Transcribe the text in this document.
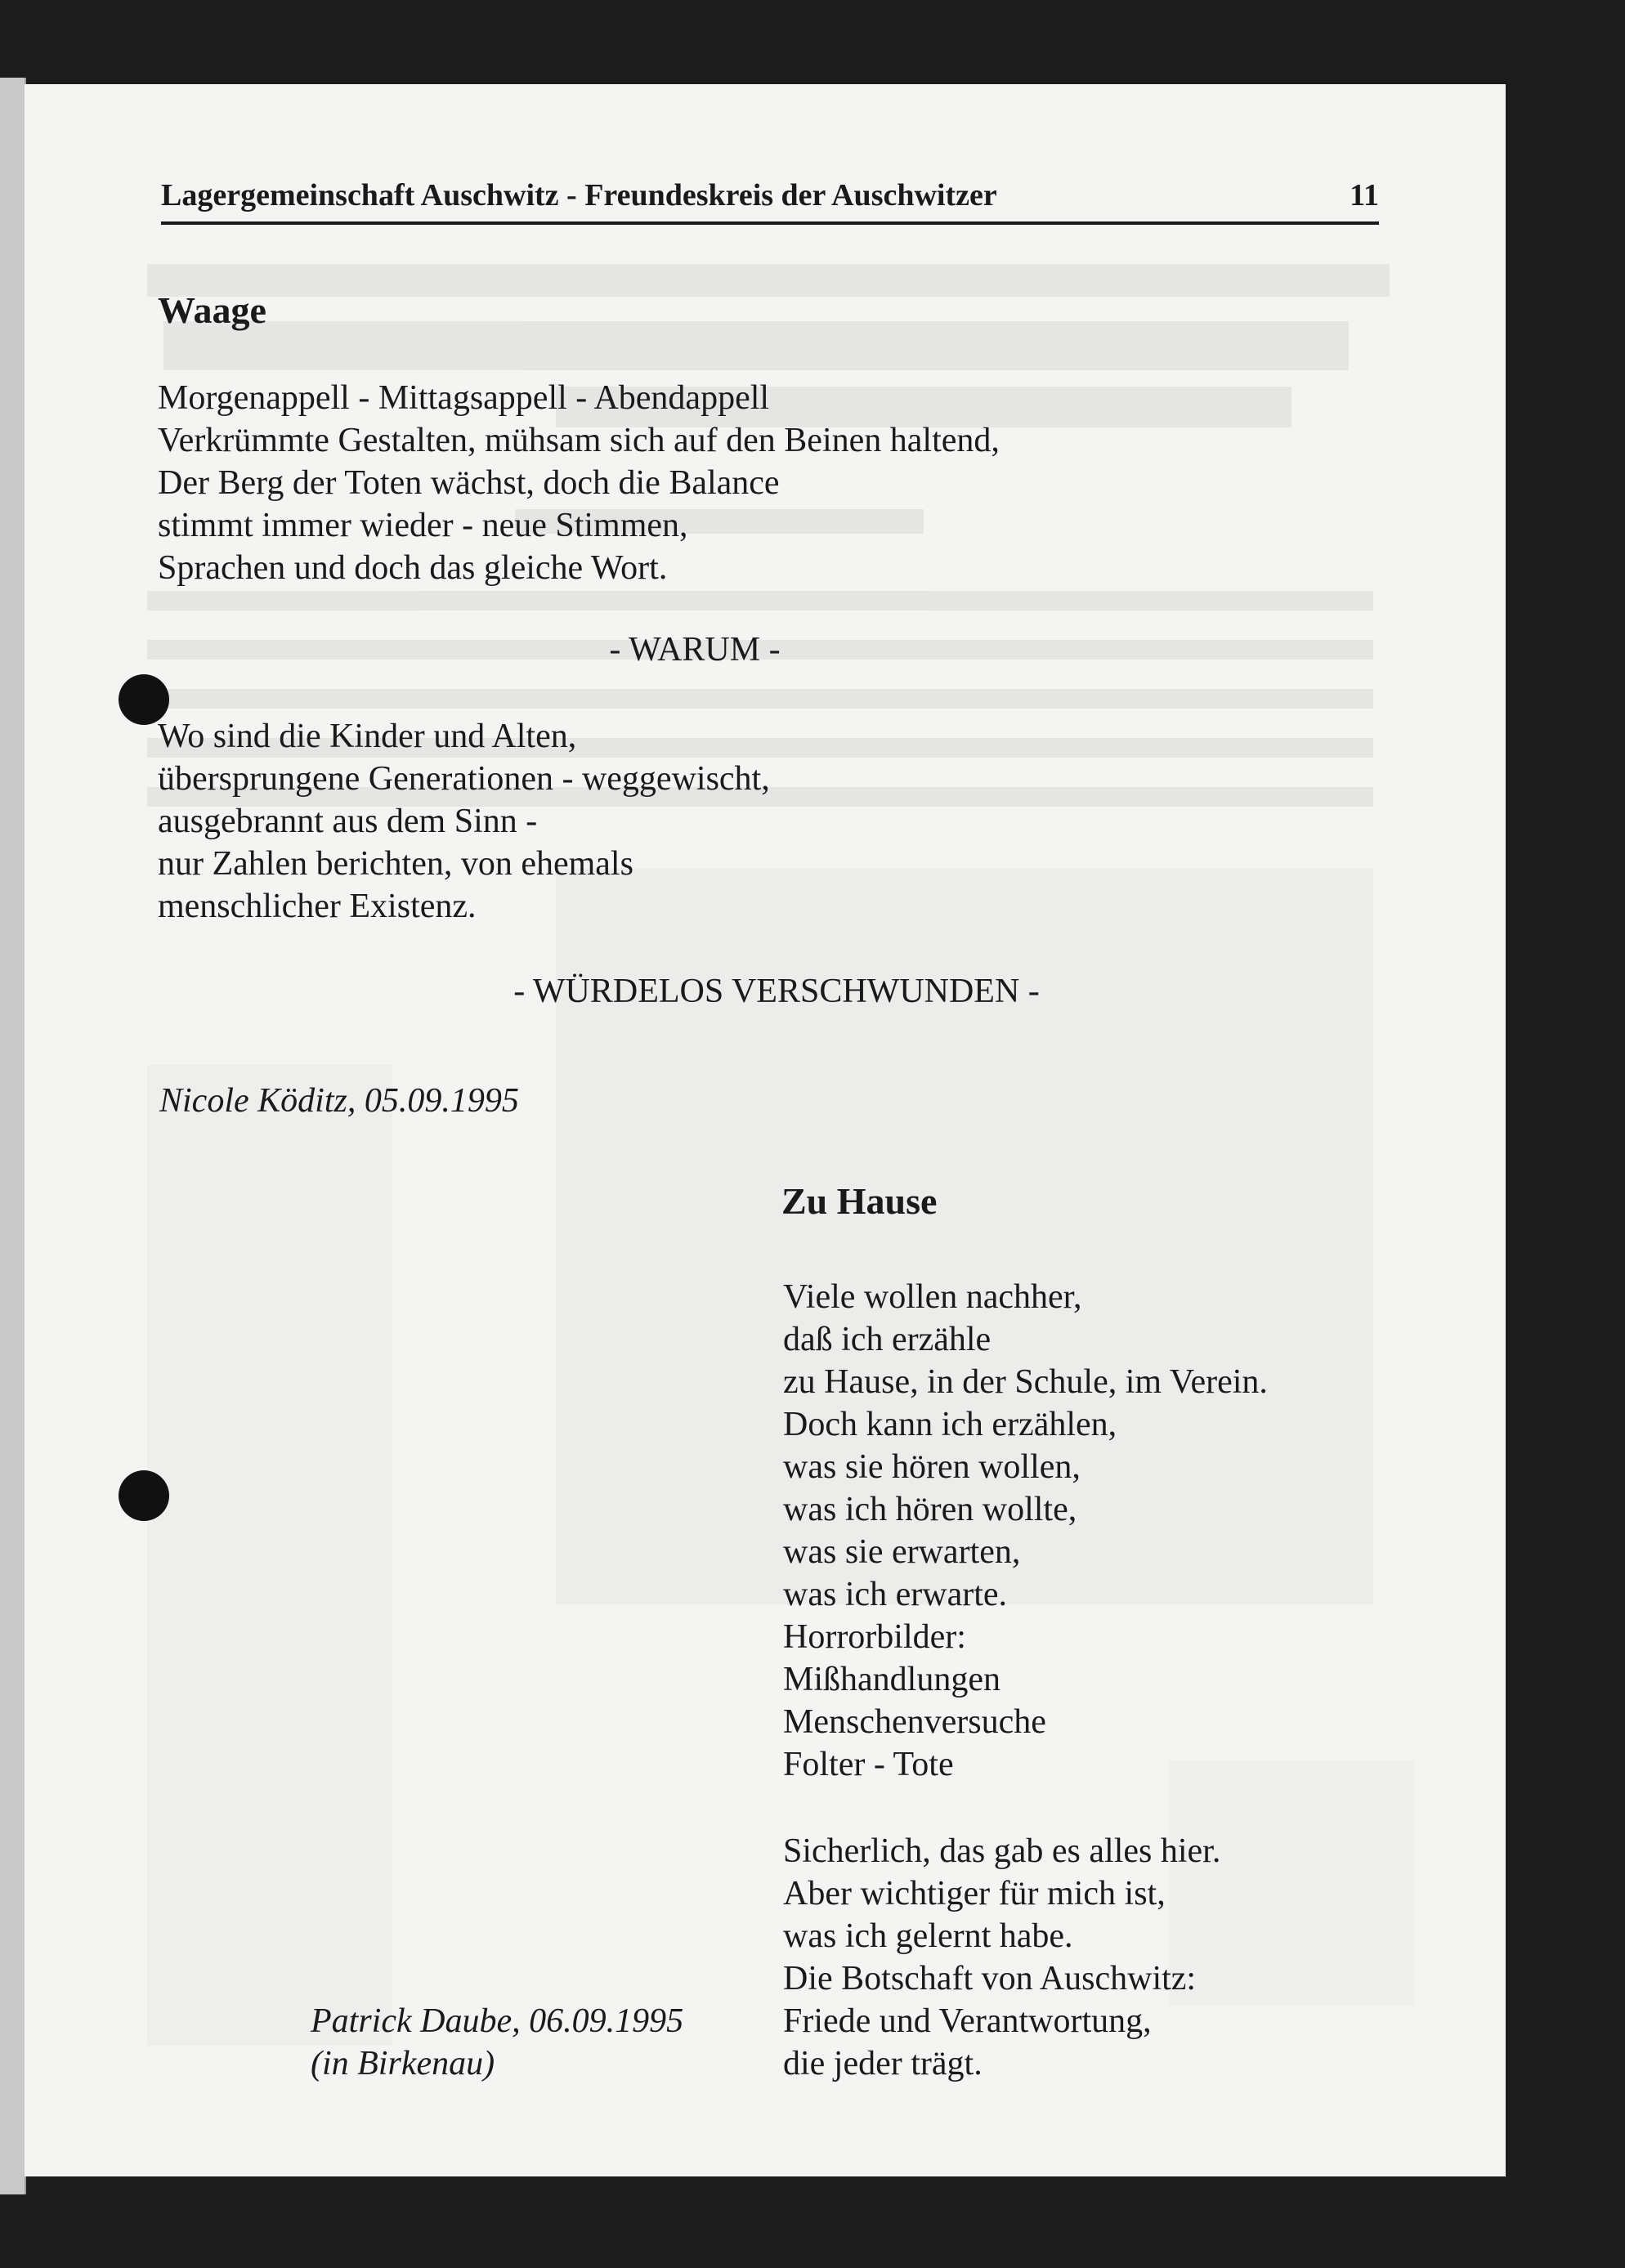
Lagergemeinschaft Auschwitz - Freundeskreis der Auschwitzer	11
Waage
Morgenappell - Mittagsappell - Abendappell
Verkrümmte Gestalten, mühsam sich auf den Beinen haltend,
Der Berg der Toten wächst, doch die Balance
stimmt immer wieder - neue Stimmen,
Sprachen und doch das gleiche Wort.
- WARUM -
Wo sind die Kinder und Alten,
übersprungene Generationen - weggewischt,
ausgebrannt aus dem Sinn -
nur Zahlen berichten, von ehemals
menschlicher Existenz.
- WÜRDELOS VERSCHWUNDEN -
Nicole Köditz, 05.09.1995
Zu Hause
Viele wollen nachher,
daß ich erzähle
zu Hause, in der Schule, im Verein.
Doch kann ich erzählen,
was sie hören wollen,
was ich hören wollte,
was sie erwarten,
was ich erwarte.
Horrorbilder:
Mißhandlungen
Menschenversuche
Folter - Tote
Sicherlich, das gab es alles hier.
Aber wichtiger für mich ist,
was ich gelernt habe.
Die Botschaft von Auschwitz:
Friede und Verantwortung,
die jeder trägt.
Patrick Daube, 06.09.1995
(in Birkenau)
